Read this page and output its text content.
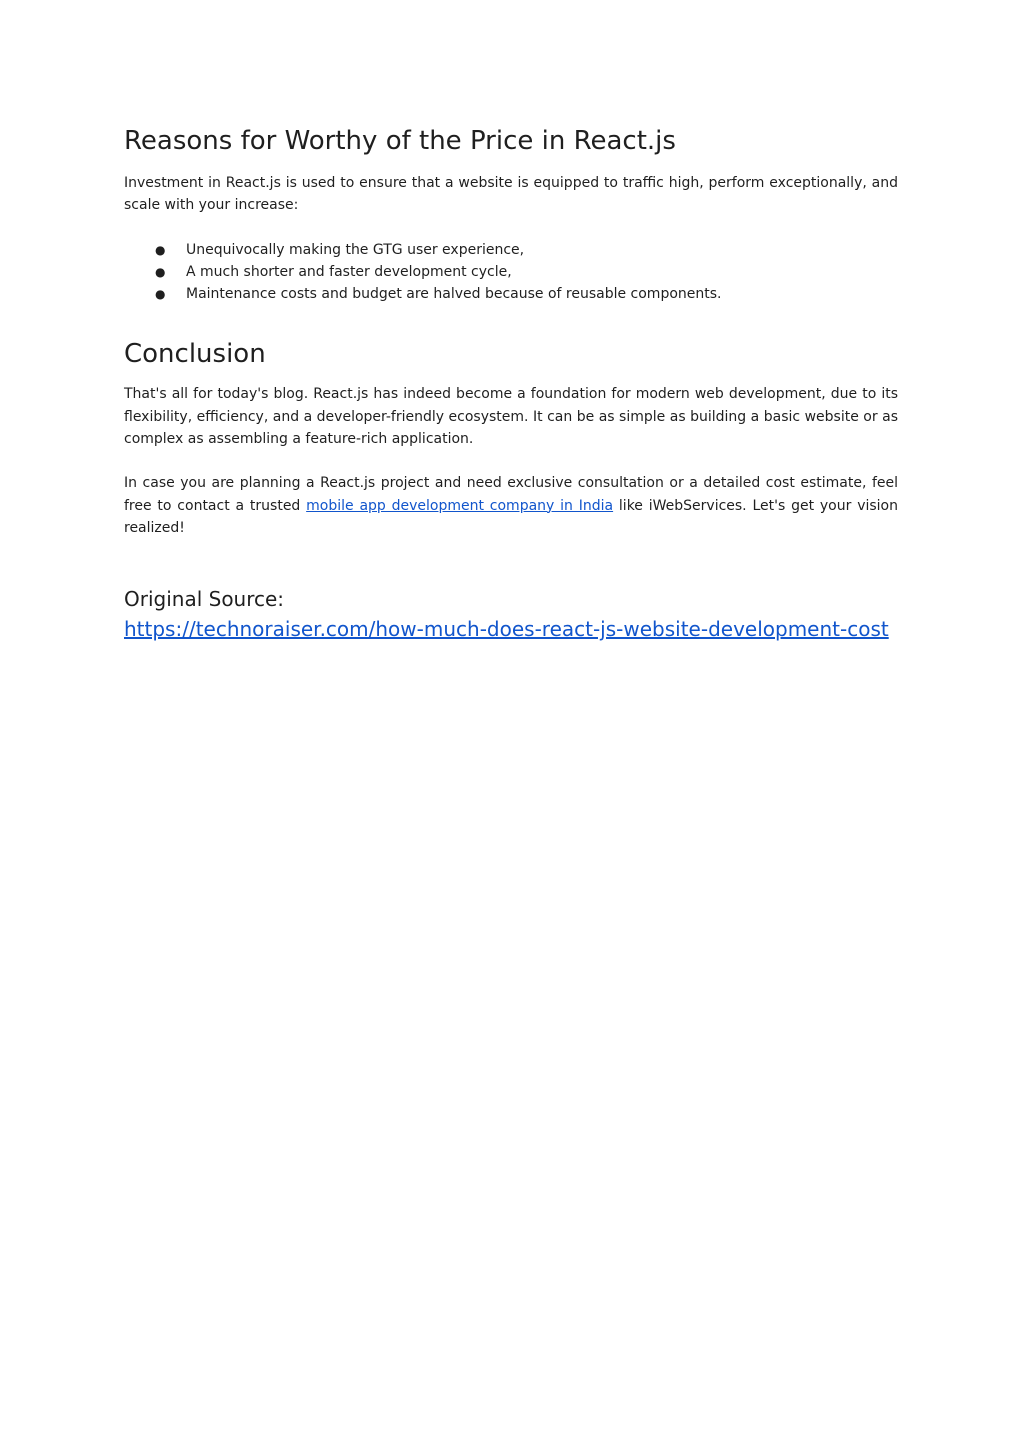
Reasons for Worthy of the Price in React.js

Investment in React.js is used to ensure that a website is equipped to traffic high, perform exceptionally, and scale with your increase:

● Unequivocally making the GTG user experience,
● A much shorter and faster development cycle,
● Maintenance costs and budget are halved because of reusable components.
Conclusion

That's all for today's blog. React.js has indeed become a foundation for modern web development, due to its flexibility, efficiency, and a developer-friendly ecosystem. It can be as simple as building a basic website or as complex as assembling a feature-rich application.

In case you are planning a React.js project and need exclusive consultation or a detailed cost estimate, feel free to contact a trusted mobile app development company in India like iWebServices. Let's get your vision realized!

Original Source:

https://technoraiser.com/how-much-does-react-js-website-development-cost
